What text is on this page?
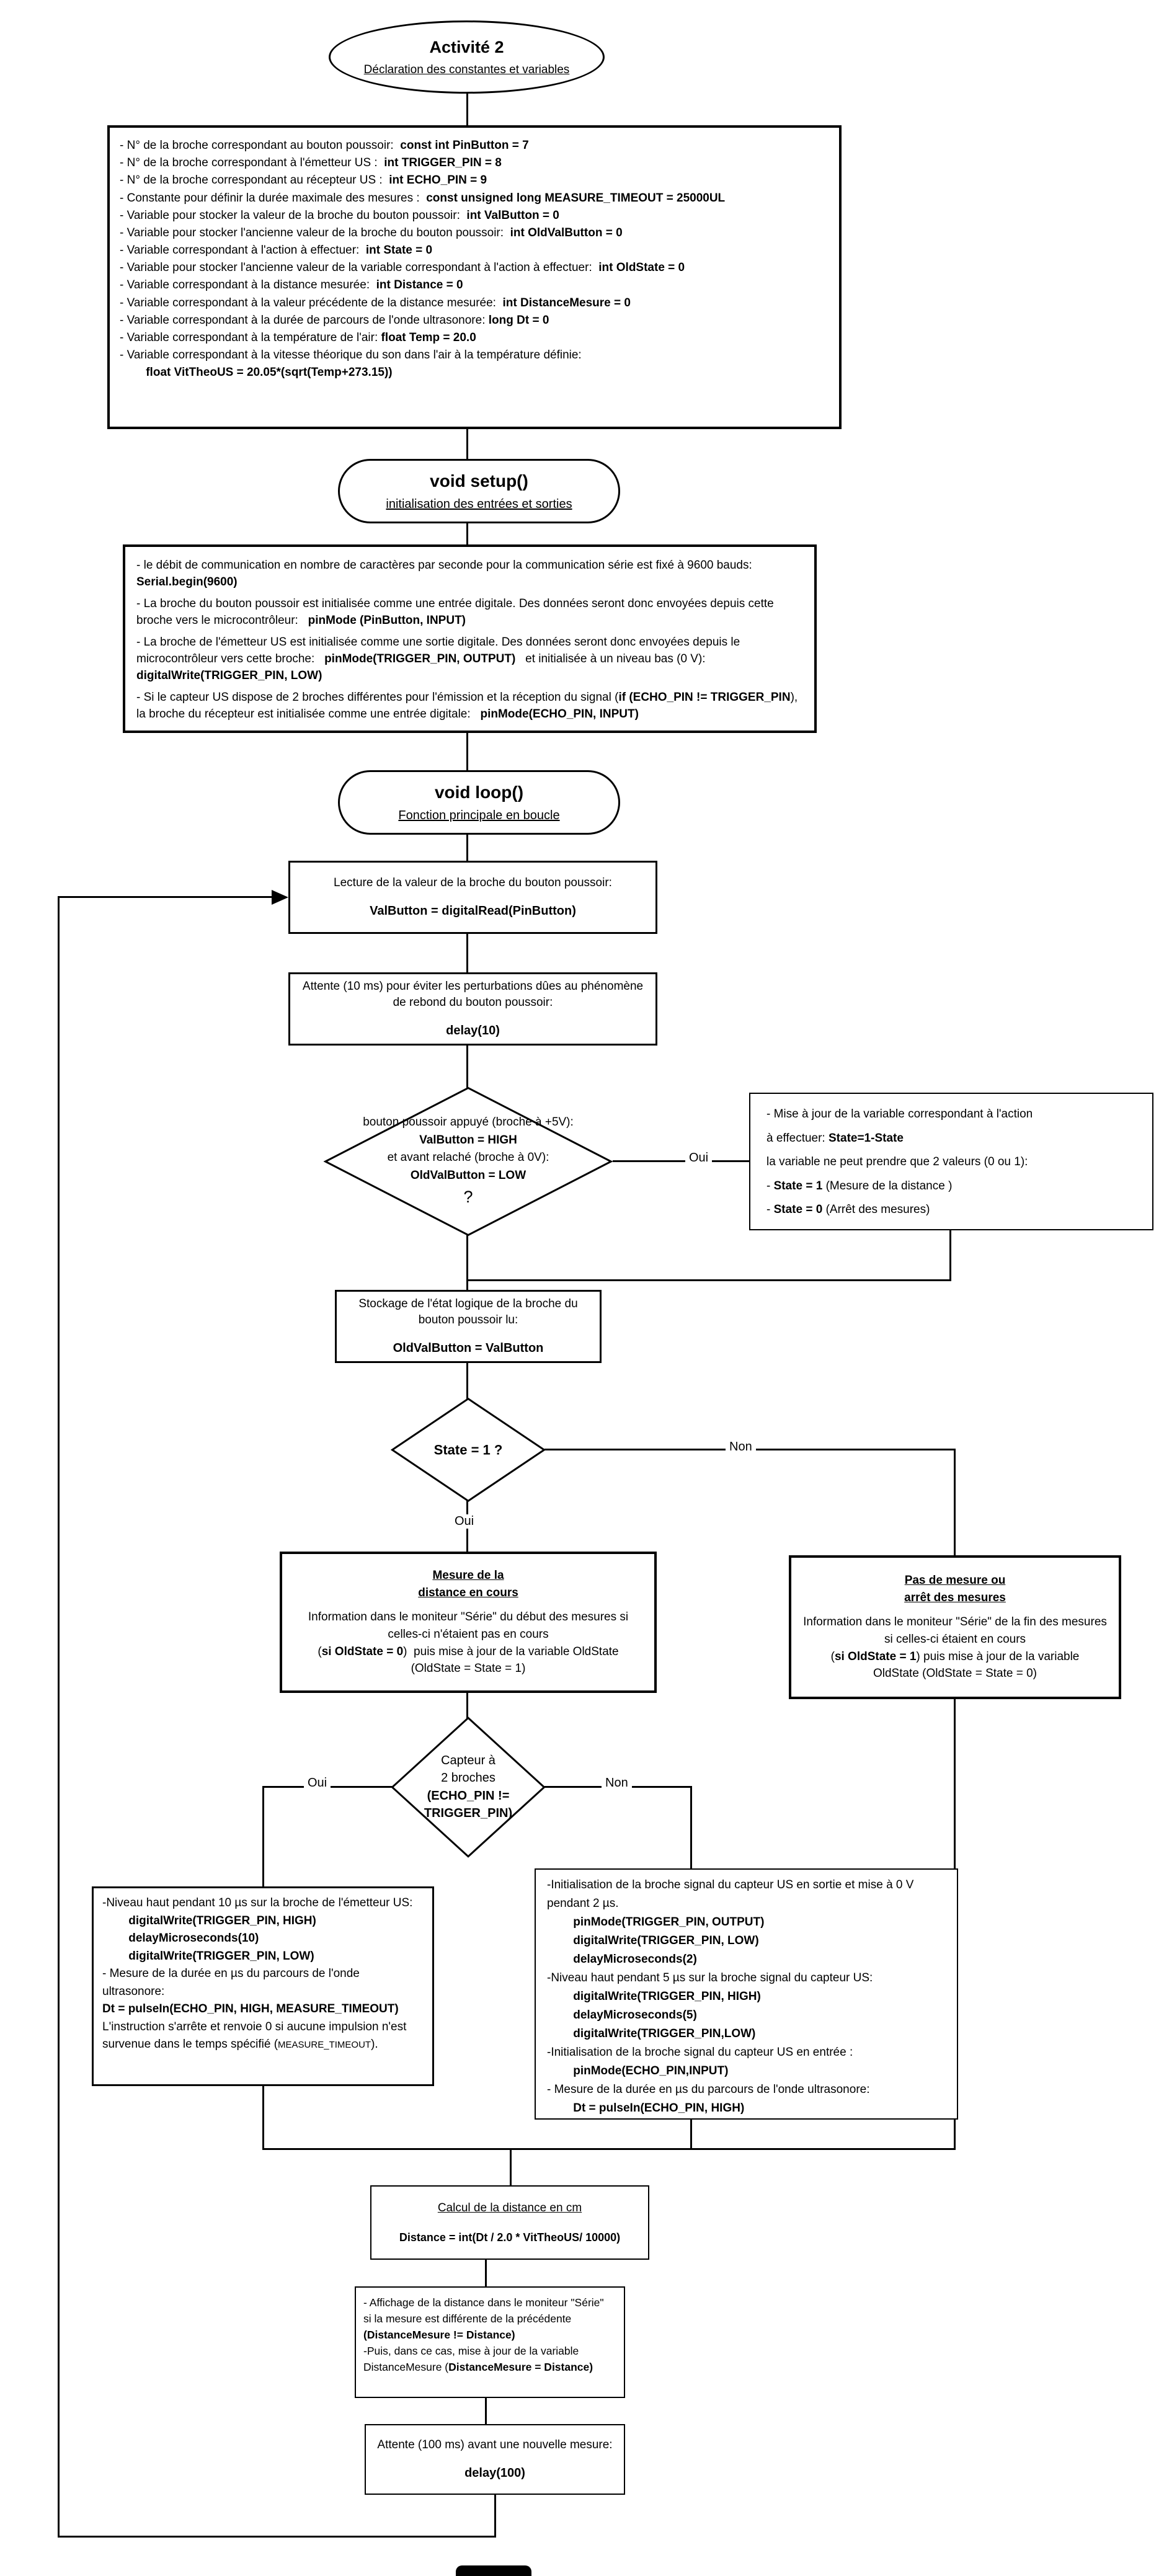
Oui
Non
Oui
Oui	Non
Activité 2
Déclaration des constantes et variables
- N° de la broche correspondant au bouton poussoir:  const int PinButton = 7
- N° de la broche correspondant à l'émetteur US :  int TRIGGER_PIN = 8
- N° de la broche correspondant au récepteur US :  int ECHO_PIN = 9
- Constante pour définir la durée maximale des mesures :  const unsigned long MEASURE_TIMEOUT = 25000UL
- Variable pour stocker la valeur de la broche du bouton poussoir:  int ValButton = 0
- Variable pour stocker l'ancienne valeur de la broche du bouton poussoir:  int OldValButton = 0
- Variable correspondant à l'action à effectuer:  int State = 0
- Variable pour stocker l'ancienne valeur de la variable correspondant à l'action à effectuer:  int OldState = 0
- Variable correspondant à la distance mesurée:  int Distance = 0
- Variable correspondant à la valeur précédente de la distance mesurée:  int DistanceMesure = 0
- Variable correspondant à la durée de parcours de l'onde ultrasonore: long Dt = 0
- Variable correspondant à la température de l'air: float Temp = 20.0
- Variable correspondant à la vitesse théorique du son dans l'air à la température définie:
float VitTheoUS = 20.05*(sqrt(Temp+273.15))
void setup()
initialisation des entrées et sorties
- le débit de communication en nombre de caractères par seconde pour la communication série est fixé à 9600 bauds: Serial.begin(9600)
- La broche du bouton poussoir est initialisée comme une entrée digitale. Des données seront donc envoyées depuis cette broche vers le microcontrôleur:   pinMode (PinButton, INPUT)
- La broche de l'émetteur US est initialisée comme une sortie digitale. Des données seront donc envoyées depuis le microcontrôleur vers cette broche:   pinMode(TRIGGER_PIN, OUTPUT)   et initialisée à un niveau bas (0 V): digitalWrite(TRIGGER_PIN, LOW)
- Si le capteur US dispose de 2 broches différentes pour l'émission et la réception du signal (if (ECHO_PIN != TRIGGER_PIN), la broche du récepteur est initialisée comme une entrée digitale:   pinMode(ECHO_PIN, INPUT)
void loop()
Fonction principale en boucle
Lecture de la valeur de la broche du bouton poussoir:
ValButton = digitalRead(PinButton)
Attente (10 ms) pour éviter les perturbations dûes au phénomène de rebond du bouton poussoir:
delay(10)
bouton poussoir appuyé (broche à +5V):
ValButton = HIGH
et avant relaché (broche à 0V):
OldValButton = LOW
?
- Mise à jour de la variable correspondant à l'action
à effectuer: State=1-State
la variable ne peut prendre que 2 valeurs (0 ou 1):
- State = 1 (Mesure de la distance )
- State = 0 (Arrêt des mesures)
Stockage de l'état logique de la broche du bouton poussoir lu:
OldValButton = ValButton
State = 1 ?
Mesure de la
distance en cours
Information dans le moniteur "Série" du début des mesures si celles-ci n'étaient pas en cours
(si OldState = 0)  puis mise à jour de la variable OldState
(OldState = State = 1)
Pas de mesure ou
arrêt des mesures
Information dans le moniteur "Série" de la fin des mesures si celles-ci étaient en cours
(si OldState = 1) puis mise à jour de la variable
OldState (OldState = State = 0)
Capteur à
2 broches
(ECHO_PIN !=
TRIGGER_PIN)
-Niveau haut pendant 10 µs sur la broche de l'émetteur US:
digitalWrite(TRIGGER_PIN, HIGH)
delayMicroseconds(10)
digitalWrite(TRIGGER_PIN, LOW)
- Mesure de la durée en µs du parcours de l'onde ultrasonore:
Dt = pulseIn(ECHO_PIN, HIGH, MEASURE_TIMEOUT)
L'instruction s'arrête et renvoie 0 si aucune impulsion n'est survenue dans le temps spécifié (MEASURE_TIMEOUT).
-Initialisation de la broche signal du capteur US en sortie et mise à 0 V pendant 2 µs.
pinMode(TRIGGER_PIN, OUTPUT)
digitalWrite(TRIGGER_PIN, LOW)
delayMicroseconds(2)
-Niveau haut pendant 5 µs sur la broche signal du capteur US:
digitalWrite(TRIGGER_PIN, HIGH)
delayMicroseconds(5)
digitalWrite(TRIGGER_PIN,LOW)
-Initialisation de la broche signal du capteur US en entrée :
pinMode(ECHO_PIN,INPUT)
- Mesure de la durée en µs du parcours de l'onde ultrasonore:
Dt = pulseIn(ECHO_PIN, HIGH)
Calcul de la distance en cm
Distance = int(Dt / 2.0 * VitTheoUS/ 10000)
- Affichage de la distance dans le moniteur "Série"
si la mesure est différente de la précédente
(DistanceMesure != Distance)
-Puis, dans ce cas, mise à jour de la variable
DistanceMesure (DistanceMesure = Distance)
Attente (100 ms) avant une nouvelle mesure:
delay(100)
